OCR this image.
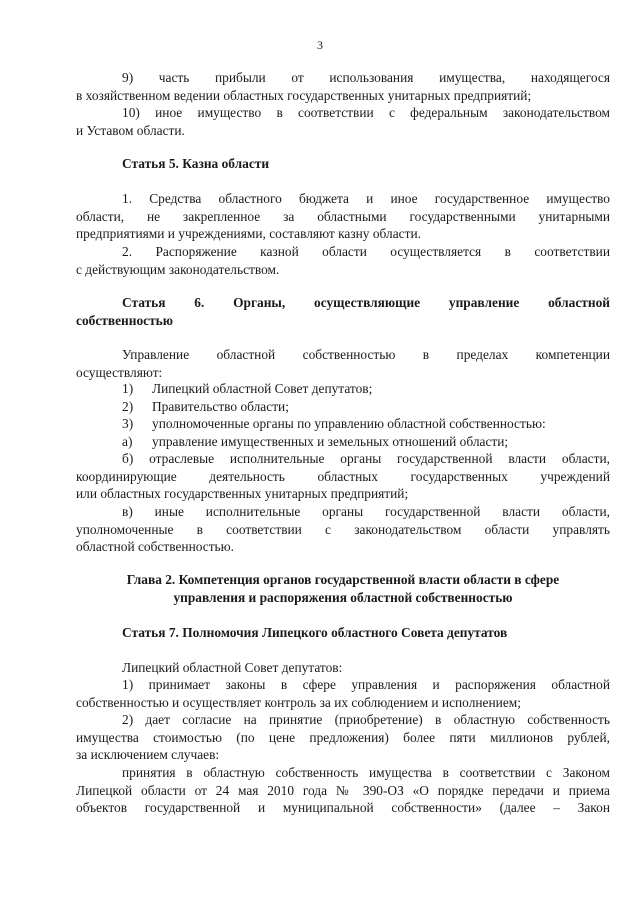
3

9) часть прибыли от использования имущества, находящегося

в хозяйственном ведении областных государственных унитарных предприятий;

10) иное имущество в соответствии с федеральным законодательством

и Уставом области.

Статья 5. Казна области

1. Средства областного бюджета и иное государственное имущество

области, не закрепленное за областными государственными унитарными

предприятиями и учреждениями, составляют казну области.

2. Распоряжение казной области осуществляется в соответствии

с действующим законодательством.

Статья 6. Органы, осуществляющие управление областной

собственностью

Управление областной собственностью в пределах компетенции

осуществляют:

1)	Липецкий областной Совет депутатов;
2)	Правительство области;
3)	уполномоченные органы по управлению областной собственностью:
а)	управление имущественных и земельных отношений области;

б) отраслевые исполнительные органы государственной власти области,

координирующие деятельность областных государственных учреждений

или областных государственных унитарных предприятий;

в) иные исполнительные органы государственной власти области,

уполномоченные в соответствии с законодательством области управлять

областной собственностью.

Глава 2. Компетенция органов государственной власти области в сфере

управления и распоряжения областной собственностью

Статья 7. Полномочия Липецкого областного Совета депутатов

Липецкий областной Совет депутатов:

1) принимает законы в сфере управления и распоряжения областной

собственностью и осуществляет контроль за их соблюдением и исполнением;

2) дает согласие на принятие (приобретение) в областную собственность

имущества стоимостью (по цене предложения) более пяти миллионов рублей,

за исключением случаев:

принятия в областную собственность имущества в соответствии с Законом

Липецкой области от 24 мая 2010 года № 390-ОЗ «О порядке передачи и приема

объектов государственной и муниципальной собственности» (далее – Закон
